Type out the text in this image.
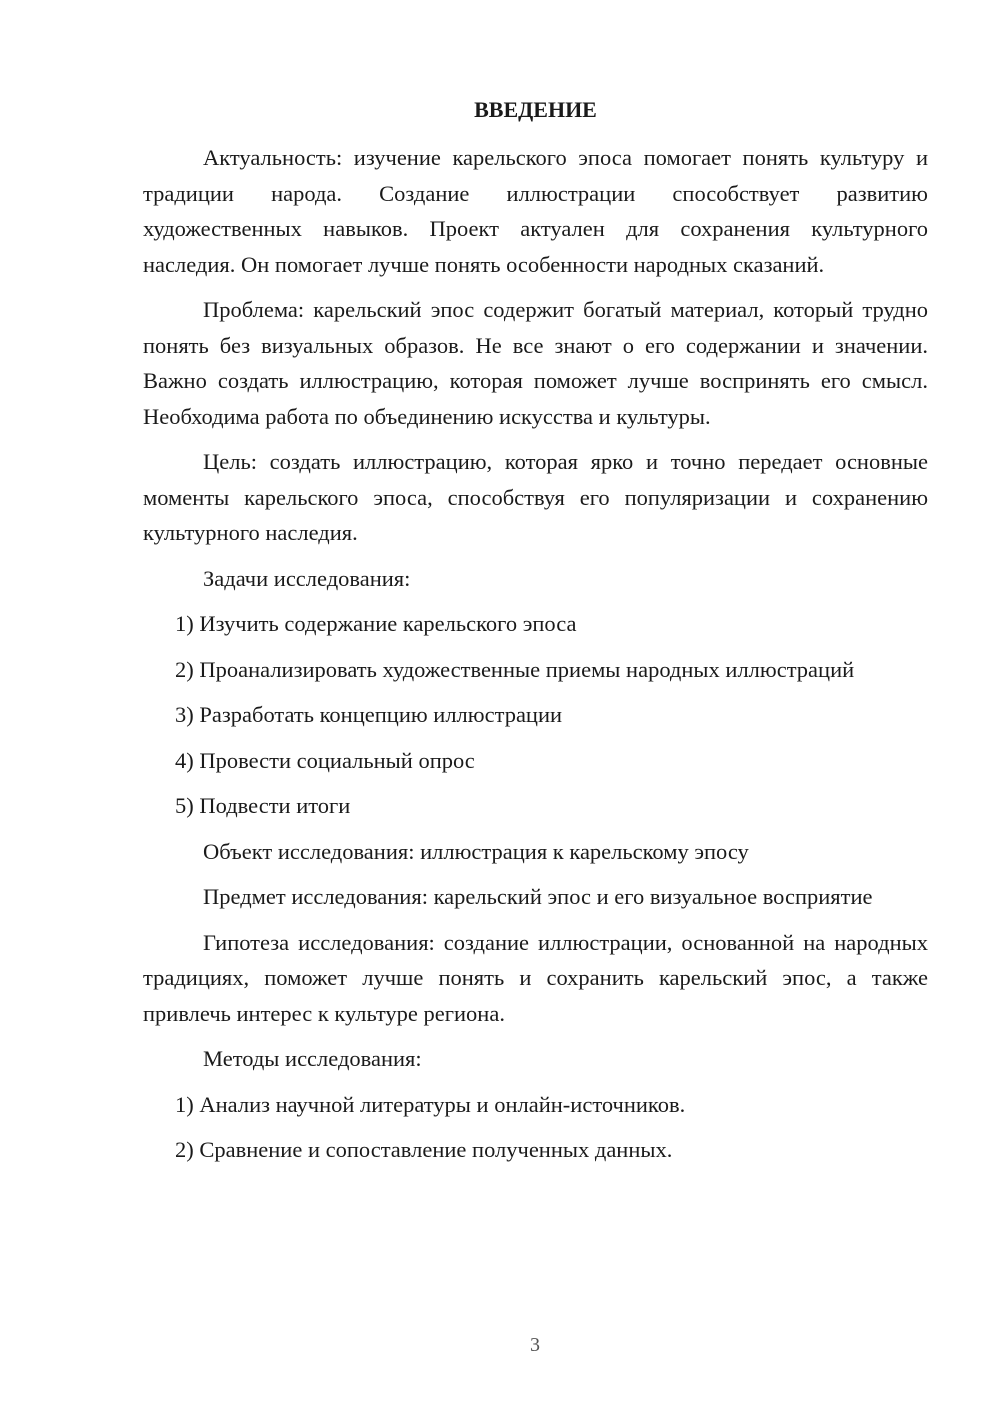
ВВЕДЕНИЕ

Актуальность: изучение карельского эпоса помогает понять культуру и традиции народа. Создание иллюстрации способствует развитию художественных навыков. Проект актуален для сохранения культурного наследия. Он помогает лучше понять особенности народных сказаний.

Проблема: карельский эпос содержит богатый материал, который трудно понять без визуальных образов. Не все знают о его содержании и значении. Важно создать иллюстрацию, которая поможет лучше воспринять его смысл. Необходима работа по объединению искусства и культуры.

Цель: создать иллюстрацию, которая ярко и точно передает основные моменты карельского эпоса, способствуя его популяризации и сохранению культурного наследия.

Задачи исследования:

1) Изучить содержание карельского эпоса

2) Проанализировать художественные приемы народных иллюстраций

3) Разработать концепцию иллюстрации

4) Провести социальный опрос

5) Подвести итоги

Объект исследования: иллюстрация к карельскому эпосу

Предмет исследования: карельский эпос и его визуальное восприятие

Гипотеза исследования: создание иллюстрации, основанной на народных традициях, поможет лучше понять и сохранить карельский эпос, а также привлечь интерес к культуре региона.

Методы исследования:

1) Анализ научной литературы и онлайн-источников.

2) Сравнение и сопоставление полученных данных.

3
